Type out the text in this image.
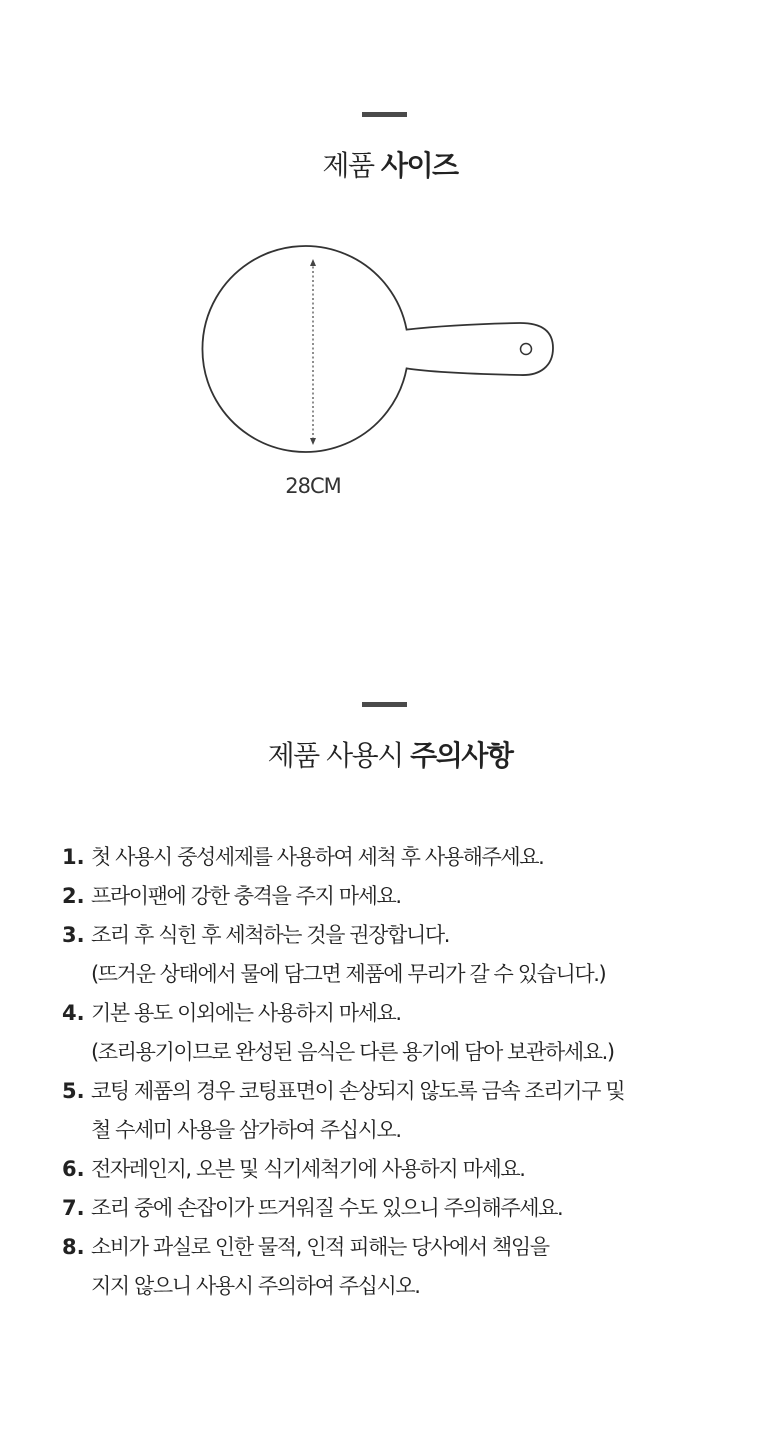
제품 사이즈
28CM
제품 사용시 주의사항
1. 첫 사용시 중성세제를 사용하여 세척 후 사용해주세요.
2. 프라이팬에 강한 충격을 주지 마세요.
3. 조리 후 식힌 후 세척하는 것을 권장합니다.
(뜨거운 상태에서 물에 담그면 제품에 무리가 갈 수 있습니다.)
4. 기본 용도 이외에는 사용하지 마세요.
(조리용기이므로 완성된 음식은 다른 용기에 담아 보관하세요.)
5. 코팅 제품의 경우 코팅표면이 손상되지 않도록 금속 조리기구 및
철 수세미 사용을 삼가하여 주십시오.
6. 전자레인지, 오븐 및 식기세척기에 사용하지 마세요.
7. 조리 중에 손잡이가 뜨거워질 수도 있으니 주의해주세요.
8. 소비가 과실로 인한 물적, 인적 피해는 당사에서 책임을
지지 않으니 사용시 주의하여 주십시오.
